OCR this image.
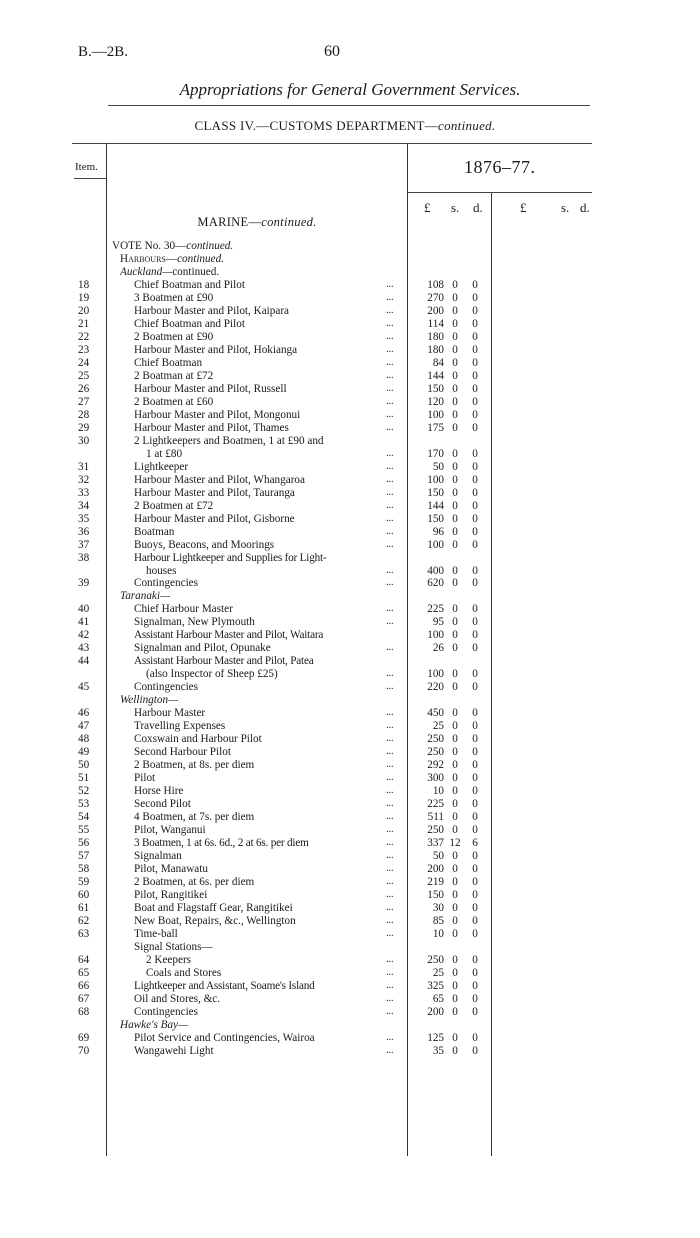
B.—2B.	60
Appropriations for General Government Services.
CLASS IV.—CUSTOMS DEPARTMENT—continued.
Item.	1876–77.
£ s. d.	£	s. d.
MARINE—continued.
VOTE No. 30—continued.
Harbours—continued.
Auckland—continued.
18	Chief Boatman and Pilot	...	108 0	0
19	3 Boatmen at £90	...	270 0	0
20	Harbour Master and Pilot, Kaipara	...	200 0	0
21	Chief Boatman and Pilot	...	114 0	0
22	2 Boatmen at £90	...	180 0	0
23	Harbour Master and Pilot, Hokianga	...	180 0	0
24	Chief Boatman	...	84 0	0
25	2 Boatman at £72	...	144 0	0
26	Harbour Master and Pilot, Russell	...	150 0	0
27	2 Boatmen at £60	...	120 0	0
28	Harbour Master and Pilot, Mongonui	...	100 0	0
29	Harbour Master and Pilot, Thames	...	175 0	0
30	2 Lightkeepers and Boatmen, 1 at £90 and
1 at £80	...	170 0	0
31	Lightkeeper	...	50 0	0
32	Harbour Master and Pilot, Whangaroa	...	100 0	0
33	Harbour Master and Pilot, Tauranga	...	150 0	0
34	2 Boatmen at £72	...	144 0	0
35	Harbour Master and Pilot, Gisborne	...	150 0	0
36	Boatman	...	96 0	0
37	Buoys, Beacons, and Moorings	...	100 0	0
38	Harbour Lightkeeper and Supplies for Light-
houses	...	400 0	0
39	Contingencies	...	620 0	0
Taranaki—
40	Chief Harbour Master	...	225 0	0
41	Signalman, New Plymouth	...	95 0	0
42	Assistant Harbour Master and Pilot, Waitara	100 0	0
43	Signalman and Pilot, Opunake	...	26 0	0
44	Assistant Harbour Master and Pilot, Patea
(also Inspector of Sheep £25)	...	100 0	0
45	Contingencies	...	220 0	0
Wellington—
46	Harbour Master	...	450 0	0
47	Travelling Expenses	...	25 0	0
48	Coxswain and Harbour Pilot	...	250 0	0
49	Second Harbour Pilot	...	250 0	0
50	2 Boatmen, at 8s. per diem	...	292 0	0
51	Pilot	...	300 0	0
52	Horse Hire	...	10 0	0
53	Second Pilot	...	225 0	0
54	4 Boatmen, at 7s. per diem	...	511 0	0
55	Pilot, Wanganui	...	250 0	0
56	3 Boatmen, 1 at 6s. 6d., 2 at 6s. per diem	...	337 12	6
57	Signalman	...	50 0	0
58	Pilot, Manawatu	...	200 0	0
59	2 Boatmen, at 6s. per diem	...	219 0	0
60	Pilot, Rangitikei	...	150 0	0
61	Boat and Flagstaff Gear, Rangitikei	...	30 0	0
62	New Boat, Repairs, &c., Wellington	...	85 0	0
63	Time-ball	...	10 0	0
Signal Stations—
64	2 Keepers	...	250 0	0
65	Coals and Stores	...	25 0	0
66	Lightkeeper and Assistant, Soame's Island	...	325 0	0
67	Oil and Stores, &c.	...	65 0	0
68	Contingencies	...	200 0	0
Hawke's Bay—
69	Pilot Service and Contingencies, Wairoa	...	125 0	0
70	Wangawehi Light	...	35 0	0
